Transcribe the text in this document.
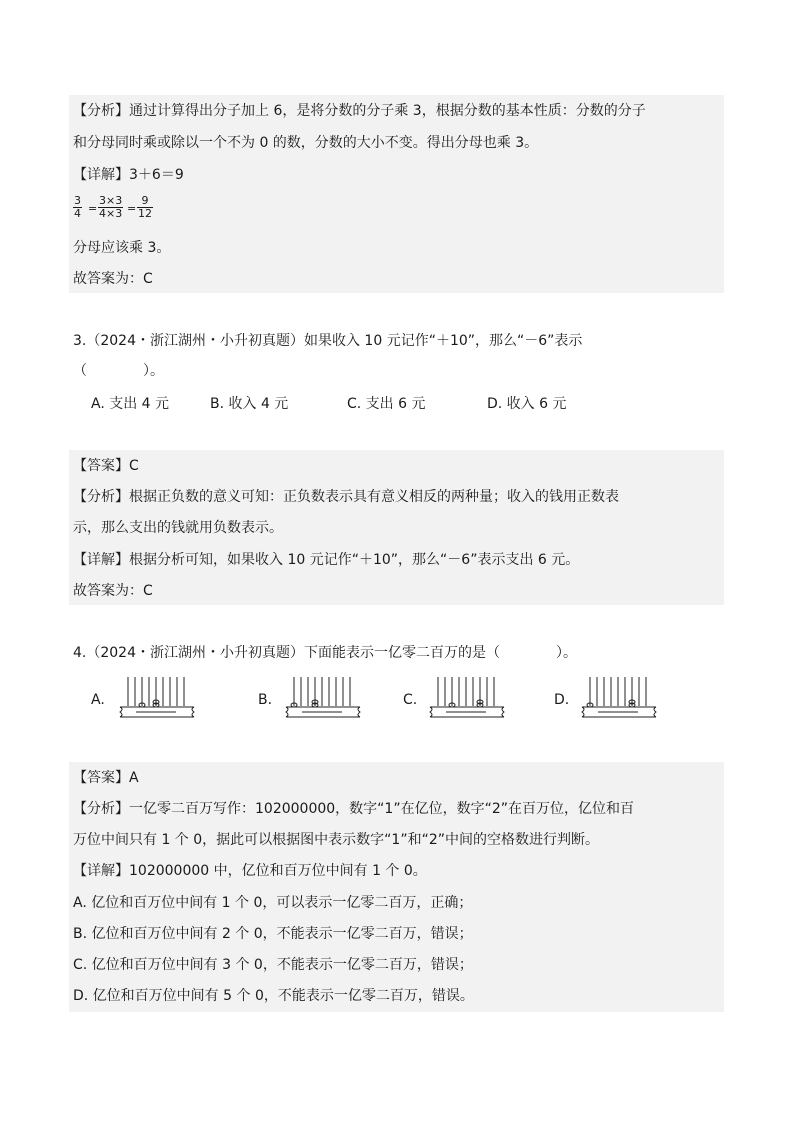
【分析】通过计算得出分子加上 6，是将分数的分子乘 3，根据分数的基本性质：分数的分子
和分母同时乘或除以一个不为 0 的数，分数的大小不变。得出分母也乘 3。
【详解】3＋6＝9
$\frac{3}{4} = \frac{3\times 3}{4\times 3} = \frac{9}{12}$
分母应该乘 3。
故答案为：C
3.（2024・浙江湖州・小升初真题）如果收入 10 元记作“＋10”，那么“－6”表示
（　　　　）。
A. 支出 4 元	B. 收入 4 元	C. 支出 6 元	D. 收入 6 元
【答案】C
【分析】根据正负数的意义可知：正负数表示具有意义相反的两种量；收入的钱用正数表
示，那么支出的钱就用负数表示。
【详解】根据分析可知，如果收入 10 元记作“＋10”，那么“－6”表示支出 6 元。
故答案为：C
4.（2024・浙江湖州・小升初真题）下面能表示一亿零二百万的是（　　　　）。
A.	B.	C.	D.
【答案】A
【分析】一亿零二百万写作：102000000，数字“1”在亿位，数字“2”在百万位，亿位和百
万位中间只有 1 个 0，据此可以根据图中表示数字“1”和“2”中间的空格数进行判断。
【详解】102000000 中，亿位和百万位中间有 1 个 0。
A. 亿位和百万位中间有 1 个 0，可以表示一亿零二百万，正确；
B. 亿位和百万位中间有 2 个 0，不能表示一亿零二百万，错误；
C. 亿位和百万位中间有 3 个 0，不能表示一亿零二百万，错误；
D. 亿位和百万位中间有 5 个 0，不能表示一亿零二百万，错误。
